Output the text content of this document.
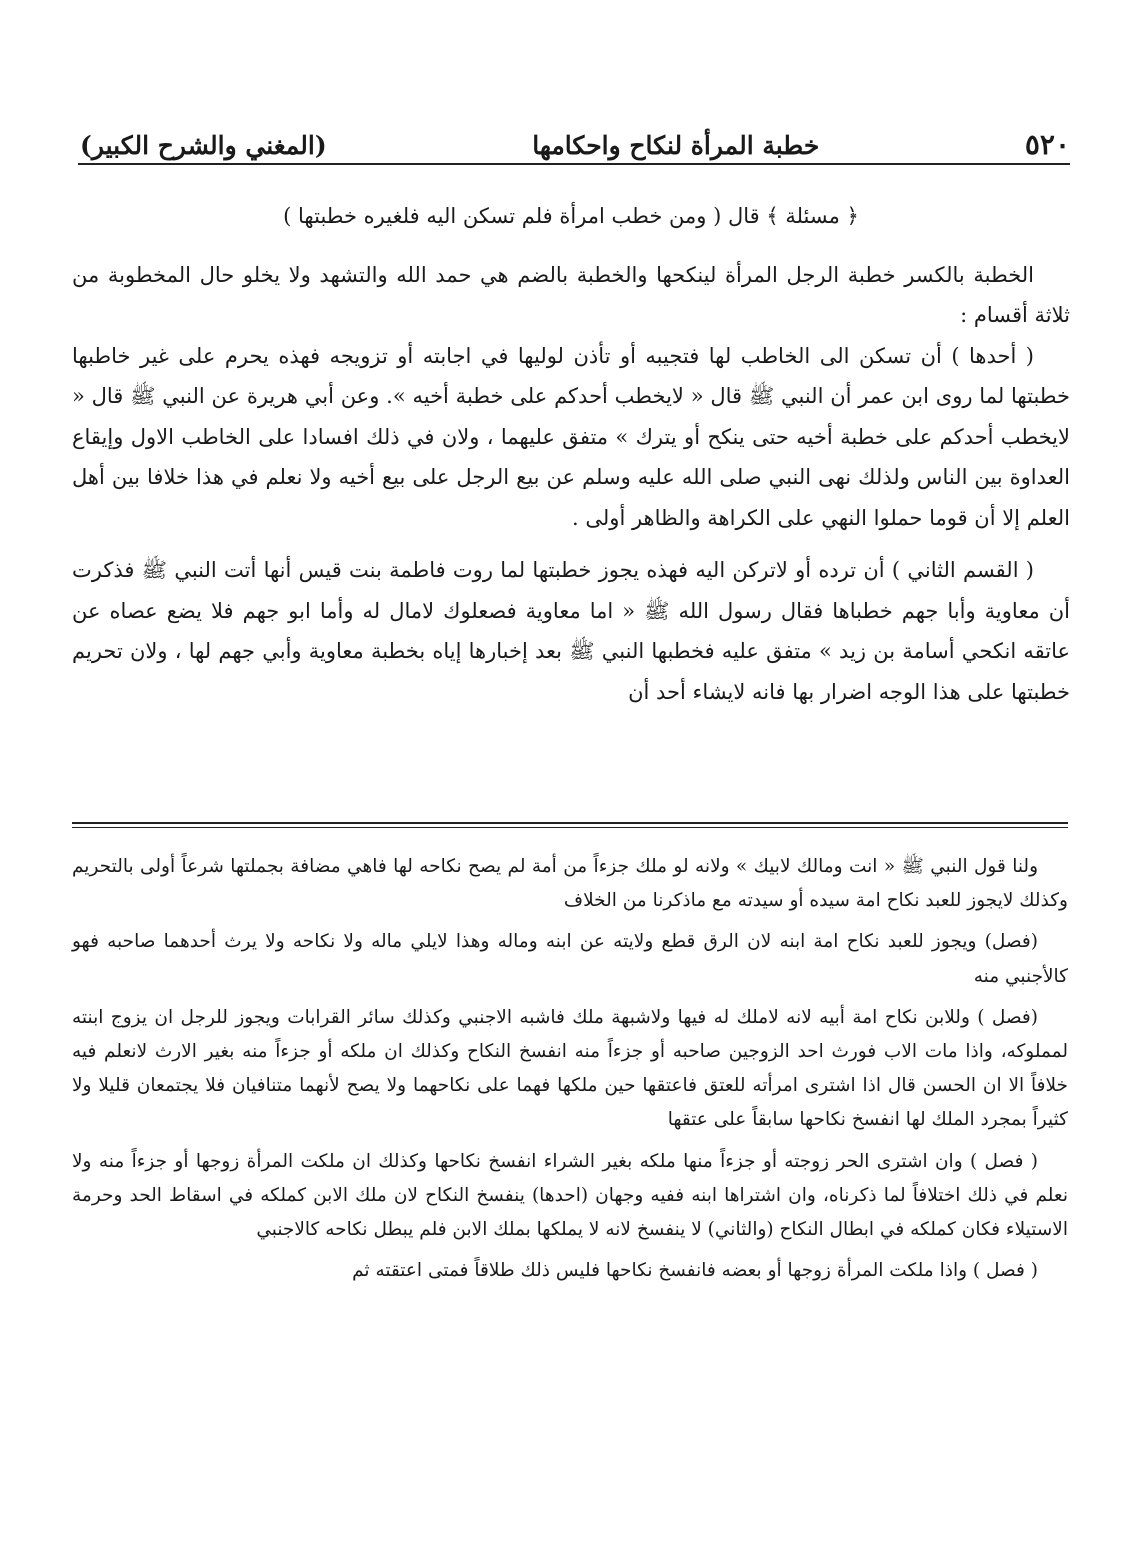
٥٢٠
خطبة المرأة لنكاح واحكامها
(المغني والشرح الكبير)

﴿ مسئلة ﴾ قال ( ومن خطب امرأة فلم تسكن اليه فلغيره خطبتها )

الخطبة بالكسر خطبة الرجل المرأة لينكحها والخطبة بالضم هي حمد الله والتشهد ولا يخلو حال المخطوبة من ثلاثة أقسام :

( أحدها ) أن تسكن الى الخاطب لها فتجيبه أو تأذن لوليها في اجابته أو تزويجه فهذه يحرم على غير خاطبها خطبتها لما روى ابن عمر أن النبي ﷺ قال « لايخطب أحدكم على خطبة أخيه ». وعن أبي هريرة عن النبي ﷺ قال « لايخطب أحدكم على خطبة أخيه حتى ينكح أو يترك » متفق عليهما ، ولان في ذلك افسادا على الخاطب الاول وإيقاع العداوة بين الناس ولذلك نهى النبي صلى الله عليه وسلم عن بيع الرجل على بيع أخيه ولا نعلم في هذا خلافا بين أهل العلم إلا أن قوما حملوا النهي على الكراهة والظاهر أولى .

( القسم الثاني ) أن ترده أو لاتركن اليه فهذه يجوز خطبتها لما روت فاطمة بنت قيس أنها أتت النبي ﷺ فذكرت أن معاوية وأبا جهم خطباها فقال رسول الله ﷺ « اما معاوية فصعلوك لامال له وأما ابو جهم فلا يضع عصاه عن عاتقه انكحي أسامة بن زيد » متفق عليه فخطبها النبي ﷺ بعد إخبارها إياه بخطبة معاوية وأبي جهم لها ، ولان تحريم خطبتها على هذا الوجه اضرار بها فانه لايشاء أحد أن

ولنا قول النبي ﷺ « انت ومالك لابيك » ولانه لو ملك جزءاً من أمة لم يصح نكاحه لها فاهي مضافة بجملتها شرعاً أولى بالتحريم وكذلك لايجوز للعبد نكاح امة سيده أو سيدته مع ماذكرنا من الخلاف

(فصل) ويجوز للعبد نكاح امة ابنه لان الرق قطع ولايته عن ابنه وماله وهذا لايلي ماله ولا نكاحه ولا يرث أحدهما صاحبه فهو كالأجنبي منه

(فصل ) وللابن نكاح امة أبيه لانه لاملك له فيها ولاشبهة ملك فاشبه الاجنبي وكذلك سائر القرابات ويجوز للرجل ان يزوج ابنته لمملوكه، واذا مات الاب فورث احد الزوجين صاحبه أو جزءاً منه انفسخ النكاح وكذلك ان ملكه أو جزءاً منه بغير الارث لانعلم فيه خلافاً الا ان الحسن قال اذا اشترى امرأته للعتق فاعتقها حين ملكها فهما على نكاحهما ولا يصح لأنهما متنافيان فلا يجتمعان قليلا ولا كثيراً بمجرد الملك لها انفسخ نكاحها سابقاً على عتقها

( فصل ) وان اشترى الحر زوجته أو جزءاً منها ملكه بغير الشراء انفسخ نكاحها وكذلك ان ملكت المرأة زوجها أو جزءاً منه ولا نعلم في ذلك اختلافاً لما ذكرناه، وان اشتراها ابنه ففيه وجهان (احدها) ينفسخ النكاح لان ملك الابن كملكه في اسقاط الحد وحرمة الاستيلاء فكان كملكه في ابطال النكاح (والثاني) لا ينفسخ لانه لا يملكها بملك الابن فلم يبطل نكاحه كالاجنبي

( فصل ) واذا ملكت المرأة زوجها أو بعضه فانفسخ نكاحها فليس ذلك طلاقاً فمتى اعتقته ثم
